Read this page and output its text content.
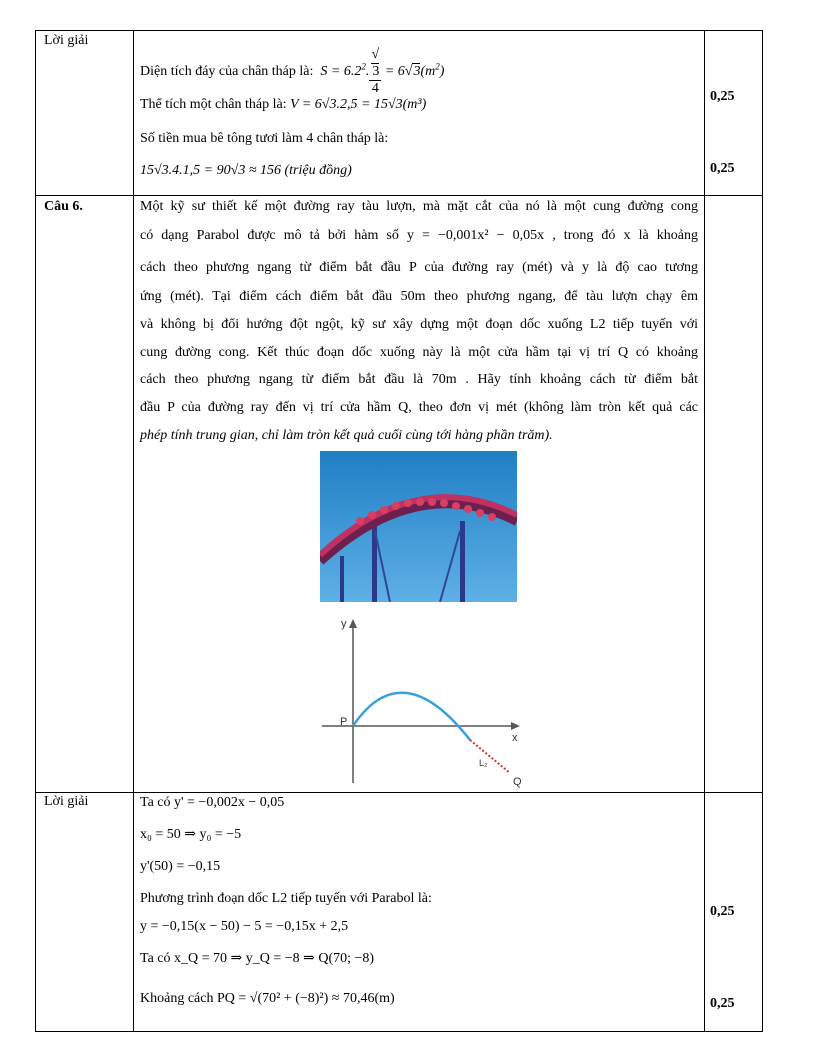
Lời giải
Diện tích đáy của chân tháp là: $S = 6.2^2$. √
3
$4 = 6√3(m^2)$
Thể tích một chân tháp là: V = 6√3.2,5 = 15√3(m³)
Số tiền mua bê tông tươi làm 4 chân tháp là:
15√3.4.1,5 = 90√3 ≈ 156 (triệu đồng)
0,25
0,25
Câu 6.	Một kỹ sư thiết kế một đường ray tàu lượn, mà mặt cắt của nó là một cung đường cong
có dạng Parabol được mô tả bởi hàm số y = −0,001x² − 0,05x , trong đó x là khoảng
cách theo phương ngang từ điểm bắt đầu P của đường ray (mét) và y là độ cao tương
ứng (mét). Tại điểm cách điểm bắt đầu 50m theo phương ngang, để tàu lượn chạy êm
và không bị đổi hướng đột ngột, kỹ sư xây dựng một đoạn dốc xuống L2 tiếp tuyến với
cung đường cong. Kết thúc đoạn dốc xuống này là một cửa hầm tại vị trí Q có khoảng
cách theo phương ngang từ điểm bắt đầu là 70m . Hãy tính khoảng cách từ điểm bắt
đầu P của đường ray đến vị trí cửa hầm Q, theo đơn vị mét (không làm tròn kết quả các
phép tính trung gian, chỉ làm tròn kết quả cuối cùng tới hàng phần trăm).
y
x
P
L₂
Q
Lời giải	Ta có y' = −0,002x − 0,05
x₀ = 50 ⇒ y₀ = −5
y'(50) = −0,15
Phương trình đoạn dốc L2 tiếp tuyến với Parabol là:
y = −0,15(x − 50) − 5 = −0,15x + 2,5
Ta có x_Q = 70 ⇒ y_Q = −8 ⇒ Q(70; −8)
Khoảng cách PQ = √(70² + (−8)²) ≈ 70,46(m)
0,25
0,25
